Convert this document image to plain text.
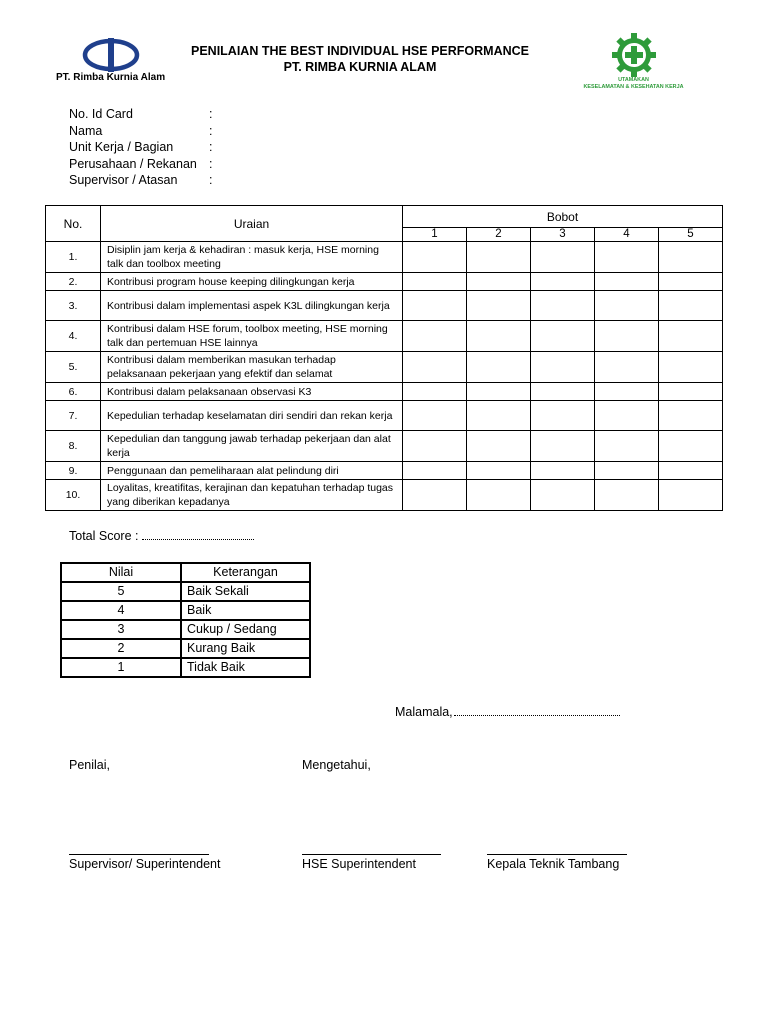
PT. Rimba Kurnia Alam
PENILAIAN THE BEST INDIVIDUAL HSE PERFORMANCE
PT. RIMBA KURNIA ALAM
UTAMAKAN
KESELAMATAN & KESEHATAN KERJA
No. Id Card	:
Nama	:
Unit Kerja / Bagian	:
Perusahaan / Rekanan :
Supervisor / Atasan	:
No.	Uraian	Bobot				
		1	2	3	4	5
1.	Disiplin jam kerja & kehadiran : masuk kerja, HSE morning talk dan toolbox meeting					
2.	Kontribusi program house keeping dilingkungan kerja					
3.	Kontribusi dalam implementasi aspek K3L dilingkungan kerja					
4.	Kontribusi dalam HSE forum, toolbox meeting, HSE morning talk dan pertemuan HSE lainnya					
5.	Kontribusi dalam memberikan masukan terhadap pelaksanaan pekerjaan yang efektif dan selamat					
6.	Kontribusi dalam pelaksanaan observasi K3					
7.	Kepedulian terhadap keselamatan diri sendiri dan rekan kerja					
8.	Kepedulian dan tanggung jawab terhadap pekerjaan dan alat kerja					
9.	Penggunaan dan pemeliharaan alat pelindung diri					
10.	Loyalitas, kreatifitas, kerajinan dan kepatuhan terhadap tugas yang diberikan kepadanya					
Total Score :
Nilai	Keterangan
5	Baik Sekali
4	Baik
3	Cukup / Sedang
2	Kurang Baik
1	Tidak Baik
Malamala,
Penilai,	Mengetahui,
Supervisor/ Superintendent	HSE Superintendent	Kepala Teknik Tambang
